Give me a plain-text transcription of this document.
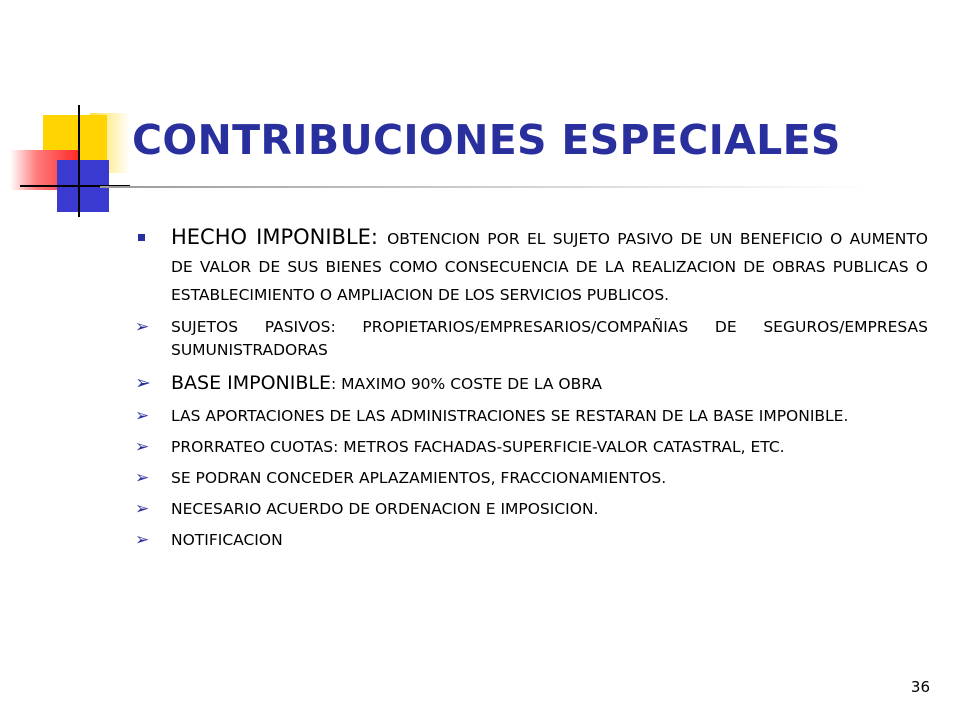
CONTRIBUCIONES ESPECIALES
HECHO IMPONIBLE: OBTENCION POR EL SUJETO PASIVO DE UN BENEFICIO O AUMENTO DE VALOR DE SUS BIENES COMO CONSECUENCIA DE LA REALIZACION DE OBRAS PUBLICAS O ESTABLECIMIENTO O AMPLIACION DE LOS SERVICIOS PUBLICOS.
➢ SUJETOS PASIVOS: PROPIETARIOS/EMPRESARIOS/COMPAÑIAS DE SEGUROS/EMPRESAS SUMUNISTRADORAS
➢ BASE IMPONIBLE: MAXIMO 90% COSTE DE LA OBRA
➢ LAS APORTACIONES DE LAS ADMINISTRACIONES SE RESTARAN DE LA BASE IMPONIBLE.
➢ PRORRATEO CUOTAS: METROS FACHADAS-SUPERFICIE-VALOR CATASTRAL, ETC.
➢ SE PODRAN CONCEDER APLAZAMIENTOS, FRACCIONAMIENTOS.
➢ NECESARIO ACUERDO DE ORDENACION E IMPOSICION.
➢ NOTIFICACION
36
